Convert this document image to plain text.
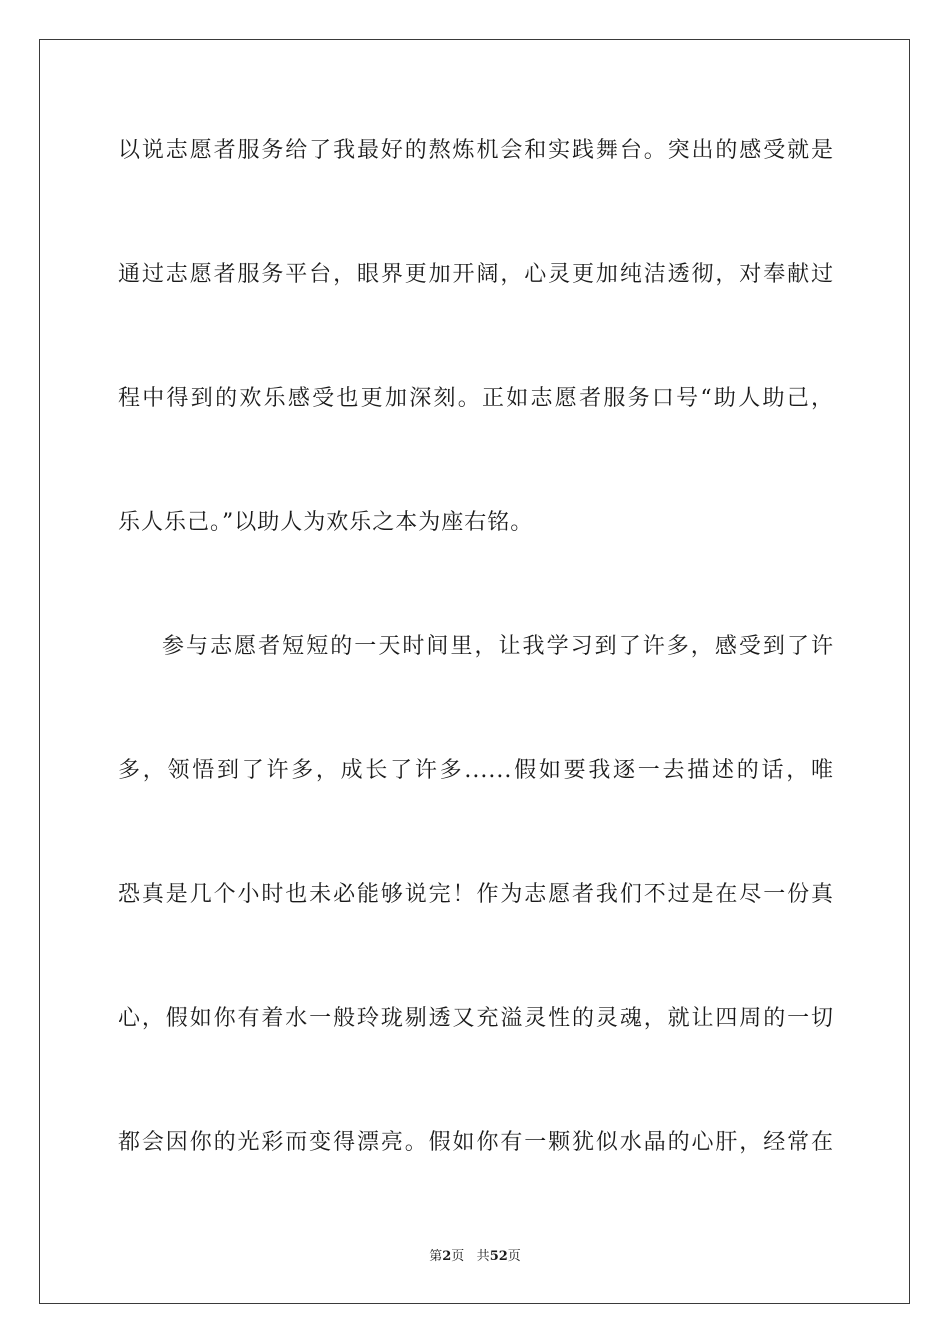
以说志愿者服务给了我最好的熬炼机会和实践舞台。突出的感受就是
通过志愿者服务平台，眼界更加开阔，心灵更加纯洁透彻，对奉献过
程中得到的欢乐感受也更加深刻。正如志愿者服务口号“助人助己，
乐人乐己。”以助人为欢乐之本为座右铭。
参与志愿者短短的一天时间里，让我学习到了许多，感受到了许
多，领悟到了许多，成长了许多......假如要我逐一去描述的话，唯
恐真是几个小时也未必能够说完！作为志愿者我们不过是在尽一份真
心，假如你有着水一般玲珑剔透又充溢灵性的灵魂，就让四周的一切
都会因你的光彩而变得漂亮。假如你有一颗犹似水晶的心肝，经常在
第2页 共52页
